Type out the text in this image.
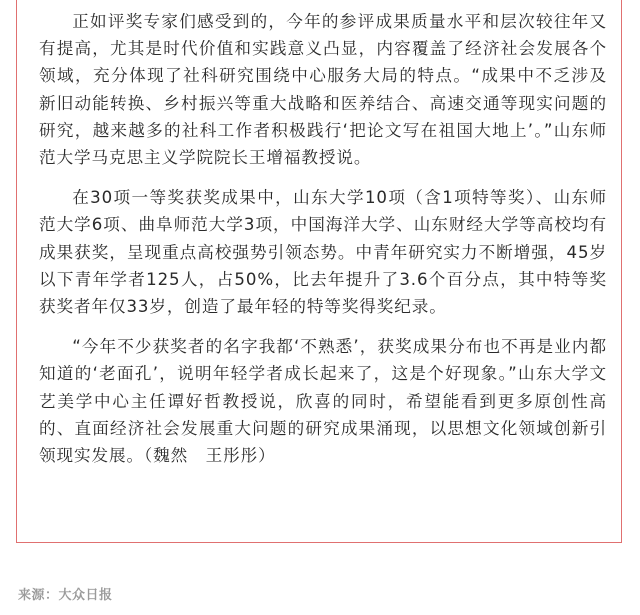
正如评奖专家们感受到的，今年的参评成果质量水平和层次较往年又有提高，尤其是时代价值和实践意义凸显，内容覆盖了经济社会发展各个领域，充分体现了社科研究围绕中心服务大局的特点。“成果中不乏涉及新旧动能转换、乡村振兴等重大战略和医养结合、高速交通等现实问题的研究，越来越多的社科工作者积极践行‘把论文写在祖国大地上’。”山东师范大学马克思主义学院院长王增福教授说。

在30项一等奖获奖成果中，山东大学10项（含1项特等奖）、山东师范大学6项、曲阜师范大学3项，中国海洋大学、山东财经大学等高校均有成果获奖，呈现重点高校强势引领态势。中青年研究实力不断增强，45岁以下青年学者125人，占50%，比去年提升了3.6个百分点，其中特等奖获奖者年仅33岁，创造了最年轻的特等奖得奖纪录。

“今年不少获奖者的名字我都‘不熟悉’，获奖成果分布也不再是业内都知道的‘老面孔’，说明年轻学者成长起来了，这是个好现象。”山东大学文艺美学中心主任谭好哲教授说，欣喜的同时，希望能看到更多原创性高的、直面经济社会发展重大问题的研究成果涌现，以思想文化领域创新引领现实发展。（魏然　王彤彤）

来源：大众日报
